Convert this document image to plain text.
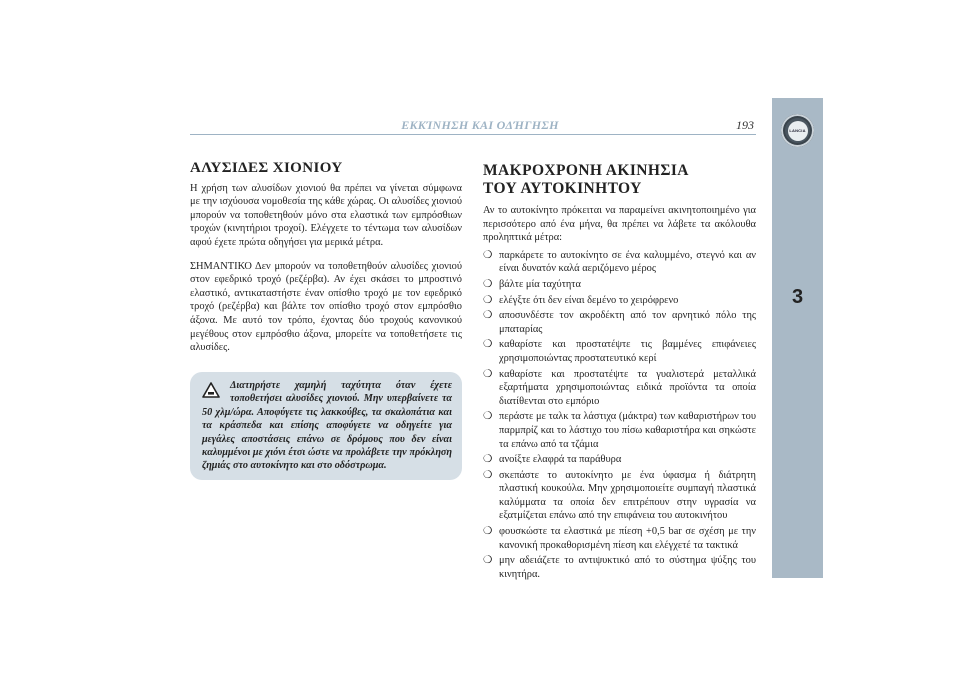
ΕΚΚΊΝΗΣΗ ΚΑΙ ΟΔΉΓΗΣΗ	193	LANCIA
3
ΑΛΥΣΙΔΕΣ ΧΙΟΝΙΟΥ

Η χρήση των αλυσίδων χιονιού θα πρέπει να γίνεται σύμφωνα με την ισχύουσα νομοθεσία της κάθε χώρας. Οι αλυσίδες χιονιού μπορούν να τοποθετηθούν μόνο στα ελαστικά των εμπρόσθιων τροχών (κινητήριοι τροχοί). Ελέγχετε το τέντωμα των αλυσίδων αφού έχετε πρώτα οδηγήσει για μερικά μέτρα.

ΣΗΜΑΝΤΙΚΟ Δεν μπορούν να τοποθετηθούν αλυσίδες χιονιού στον εφεδρικό τροχό (ρεζέρβα). Αν έχει σκάσει το μπροστινό ελαστικό, αντικαταστήστε έναν οπίσθιο τροχό με τον εφεδρικό τροχό (ρεζέρβα) και βάλτε τον οπίσθιο τροχό στον εμπρόσθιο άξονα. Με αυτό τον τρόπο, έχοντας δύο τροχούς κανονικού μεγέθους στον εμπρόσθιο άξονα, μπορείτε να τοποθετήσετε τις αλυσίδες.

Διατηρήστε χαμηλή ταχύτητα όταν έχετε τοποθετήσει αλυσίδες χιονιού. Μην υπερβαίνετε τα 50 χλμ/ώρα. Αποφύγετε τις λακκούβες, τα σκαλοπάτια και τα κράσπεδα και επίσης αποφύγετε να οδηγείτε για μεγάλες αποστάσεις επάνω σε δρόμους που δεν είναι καλυμμένοι με χιόνι έτσι ώστε να προλάβετε την πρόκληση ζημιάς στο αυτοκίνητο και στο οδόστρωμα.
ΜΑΚΡΟΧΡΟΝΗ ΑΚΙΝΗΣΙΑ
ΤΟΥ ΑΥΤΟΚΙΝΗΤΟΥ

Αν το αυτοκίνητο πρόκειται να παραμείνει ακινητοποιημένο για περισσότερο από ένα μήνα, θα πρέπει να λάβετε τα ακόλουθα προληπτικά μέτρα:

❍ παρκάρετε το αυτοκίνητο σε ένα καλυμμένο, στεγνό και αν είναι δυνατόν καλά αεριζόμενο μέρος
❍ βάλτε μία ταχύτητα
❍ ελέγξτε ότι δεν είναι δεμένο το χειρόφρενο
❍ αποσυνδέστε τον ακροδέκτη από τον αρνητικό πόλο της μπαταρίας
❍ καθαρίστε και προστατέψτε τις βαμμένες επιφάνειες χρησιμοποιώντας προστατευτικό κερί
❍ καθαρίστε και προστατέψτε τα γυαλιστερά μεταλλικά εξαρτήματα χρησιμοποιώντας ειδικά προϊόντα τα οποία διατίθενται στο εμπόριο
❍ περάστε με ταλκ τα λάστιχα (μάκτρα) των καθαριστήρων του παρμπρίζ και το λάστιχο του πίσω καθαριστήρα και σηκώστε τα επάνω από τα τζάμια
❍ ανοίξτε ελαφρά τα παράθυρα
❍ σκεπάστε το αυτοκίνητο με ένα ύφασμα ή διάτρητη πλαστική κουκούλα. Μην χρησιμοποιείτε συμπαγή πλαστικά καλύμματα τα οποία δεν επιτρέπουν στην υγρασία να εξατμίζεται επάνω από την επιφάνεια του αυτοκινήτου
❍ φουσκώστε τα ελαστικά με πίεση +0,5 bar σε σχέση με την κανονική προκαθορισμένη πίεση και ελέγχετέ τα τακτικά
❍ μην αδειάζετε το αντιψυκτικό από το σύστημα ψύξης του κινητήρα.
